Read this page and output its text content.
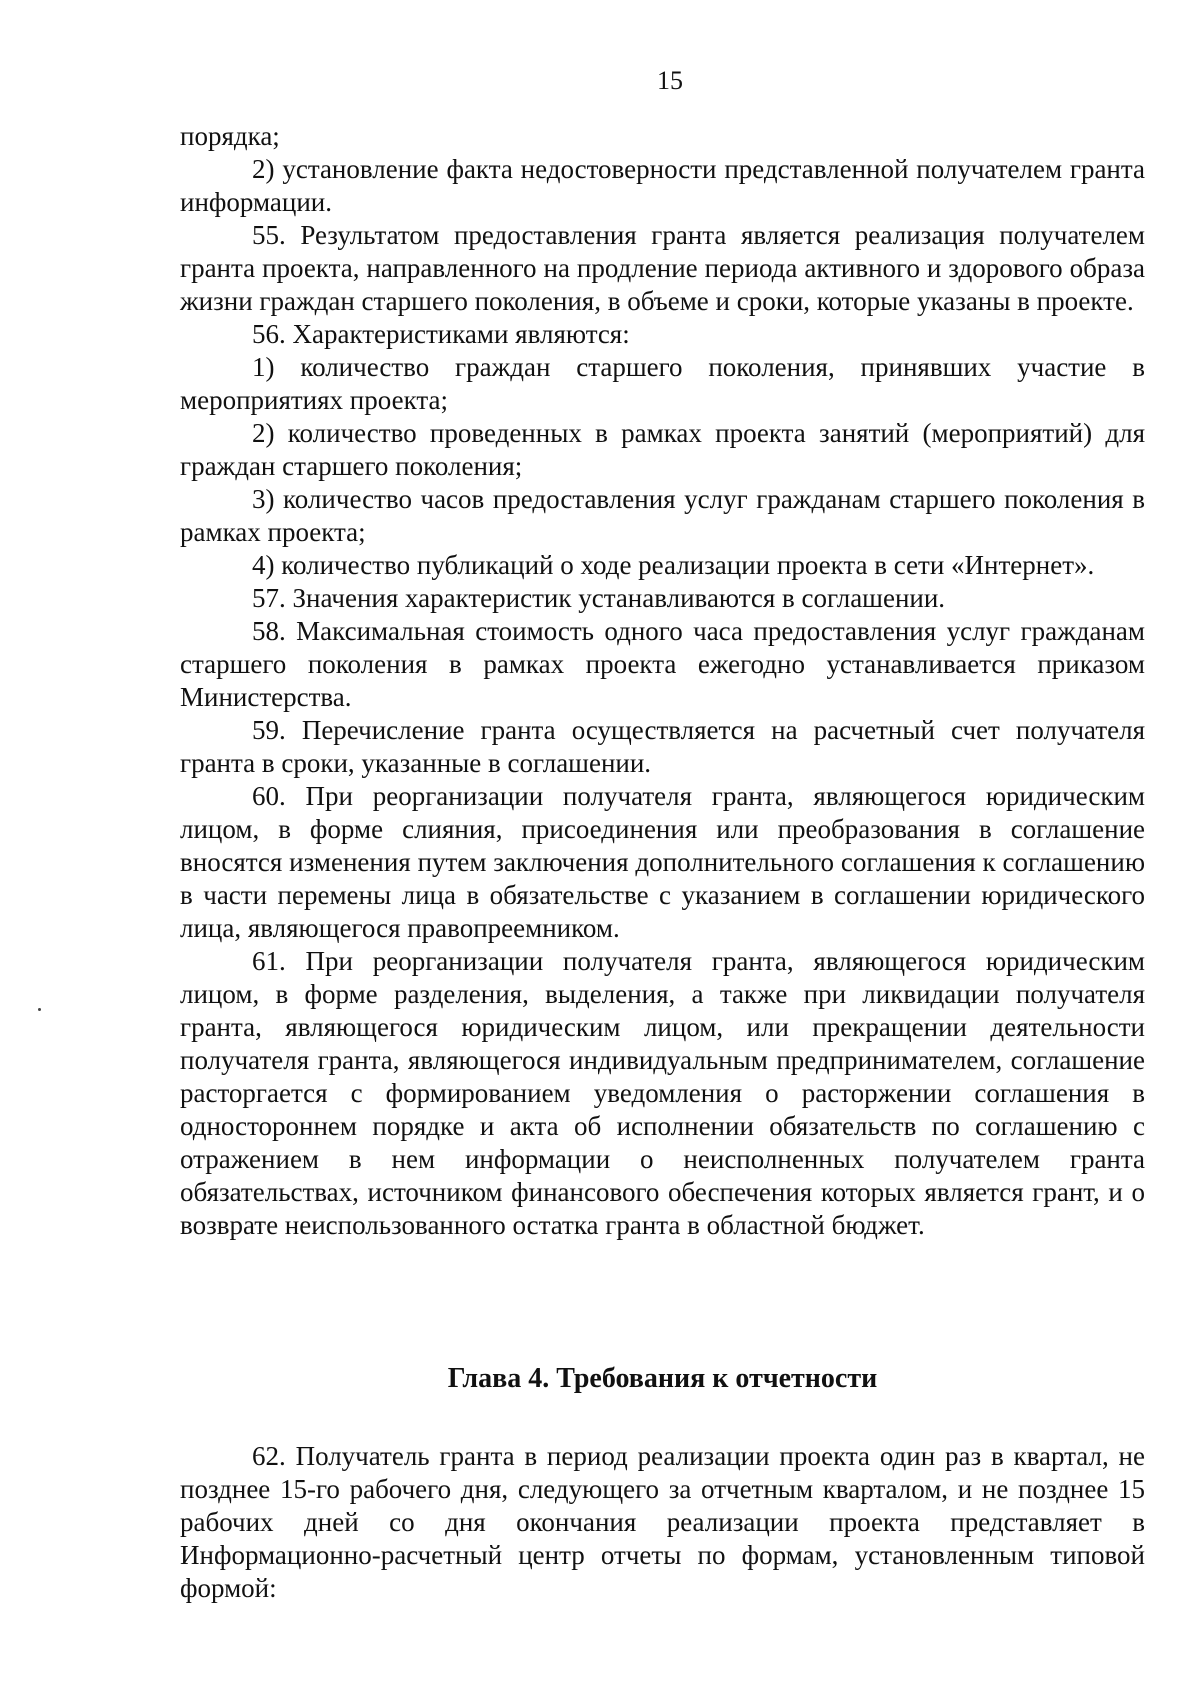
15

порядка;

2) установление факта недостоверности представленной получателем гранта информации.

55. Результатом предоставления гранта является реализация получателем гранта проекта, направленного на продление периода активного и здорового образа жизни граждан старшего поколения, в объеме и сроки, которые указаны в проекте.

56. Характеристиками являются:

1) количество граждан старшего поколения, принявших участие в мероприятиях проекта;

2) количество проведенных в рамках проекта занятий (мероприятий) для граждан старшего поколения;

3) количество часов предоставления услуг гражданам старшего поколения в рамках проекта;

4) количество публикаций о ходе реализации проекта в сети «Интернет».

57. Значения характеристик устанавливаются в соглашении.

58. Максимальная стоимость одного часа предоставления услуг гражданам старшего поколения в рамках проекта ежегодно устанавливается приказом Министерства.

59. Перечисление гранта осуществляется на расчетный счет получателя гранта в сроки, указанные в соглашении.

60. При реорганизации получателя гранта, являющегося юридическим лицом, в форме слияния, присоединения или преобразования в соглашение вносятся изменения путем заключения дополнительного соглашения к соглашению в части перемены лица в обязательстве с указанием в соглашении юридического лица, являющегося правопреемником.

61. При реорганизации получателя гранта, являющегося юридическим лицом, в форме разделения, выделения, а также при ликвидации получателя гранта, являющегося юридическим лицом, или прекращении деятельности получателя гранта, являющегося индивидуальным предпринимателем, соглашение расторгается с формированием уведомления о расторжении соглашения в одностороннем порядке и акта об исполнении обязательств по соглашению с отражением в нем информации о неисполненных получателем гранта обязательствах, источником финансового обеспечения которых является грант, и о возврате неиспользованного остатка гранта в областной бюджет.

Глава 4. Требования к отчетности

62. Получатель гранта в период реализации проекта один раз в квартал, не позднее 15-го рабочего дня, следующего за отчетным кварталом, и не позднее 15 рабочих дней со дня окончания реализации проекта представляет в Информационно-расчетный центр отчеты по формам, установленным типовой формой:
